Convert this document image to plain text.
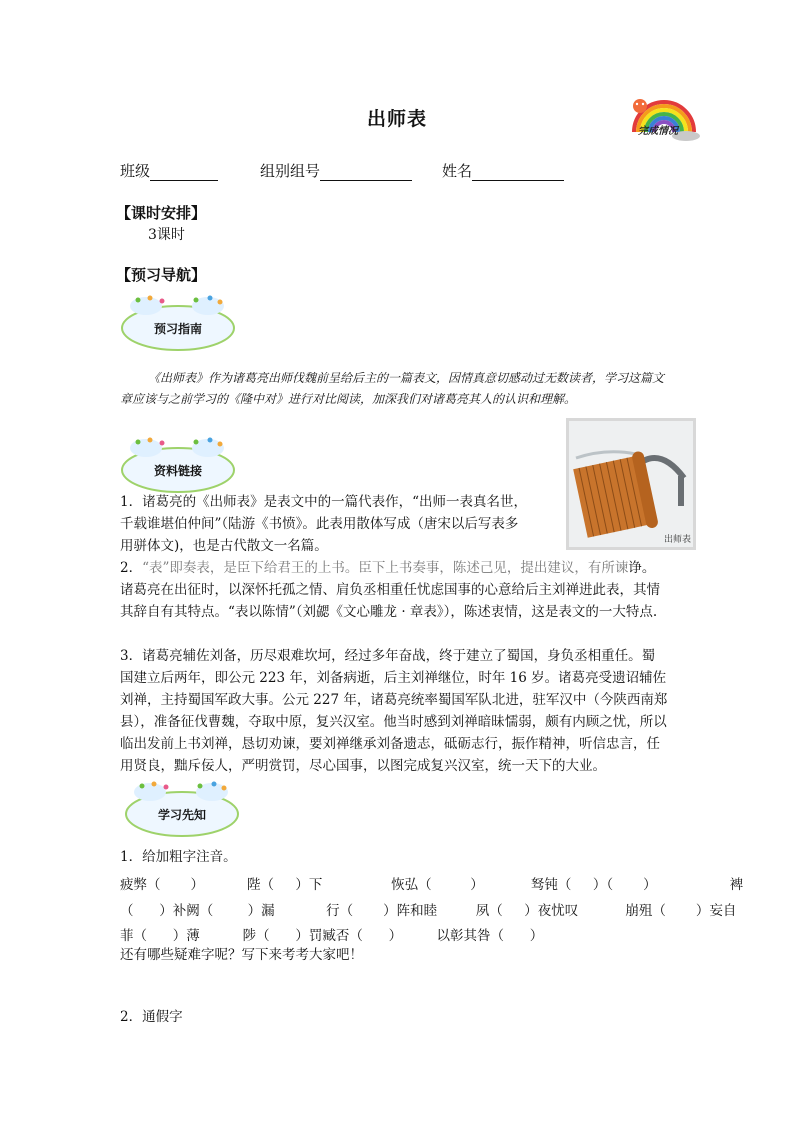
出师表
完成情况
班级	组别组号	姓名
【课时安排】
3课时
【预习导航】
预习指南
《出师表》作为诸葛亮出师伐魏前呈给后主的一篇表文，因情真意切感动过无数读者，学习这篇文章应该与之前学习的《隆中对》进行对比阅读，加深我们对诸葛亮其人的认识和理解。
资料链接
出师表
1．诸葛亮的《出师表》是表文中的一篇代表作，“出师一表真名世，
千载谁堪伯仲间”（陆游《书愤》。此表用散体写成（唐宋以后写表多
用骈体文)，也是古代散文一名篇。
2．“表”即奏表，是臣下给君王的上书。臣下上书奏事，陈述己见，提出建议，有所谏诤。诸葛亮在出征时，以深怀托孤之情、肩负丞相重任忧虑国事的心意给后主刘禅进此表，其情其辞自有其特点。“表以陈情”（刘勰《文心雕龙 · 章表》），陈述衷情，这是表文的一大特点.
3．诸葛亮辅佐刘备，历尽艰难坎坷，经过多年奋战，终于建立了蜀国，身负丞相重任。蜀国建立后两年，即公元 223 年，刘备病逝，后主刘禅继位，时年 16 岁。诸葛亮受遗诏辅佐刘禅，主持蜀国军政大事。公元 227 年，诸葛亮统率蜀国军队北进，驻军汉中（今陕西南郑县），准备征伐曹魏，夺取中原，复兴汉室。他当时感到刘禅暗昧懦弱，颇有内顾之忧，所以临出发前上书刘禅，恳切劝谏，要刘禅继承刘备遗志，砥砺志行，振作精神，听信忠言，任用贤良，黜斥佞人，严明赏罚，尽心国事，以图完成复兴汉室，统一天下的大业。
学习先知
1．给加粗字注音。
疲弊（       ）          陛（     ）下                恢弘（         ）           驽钝（     ）（       ）                 裨
（      ）补阙（        ）漏            行（       ）阵和睦         夙（     ）夜忧叹           崩殂（       ）妄自
菲（      ）薄          陟（      ）罚臧否（      ）        以彰其咎（      ）
还有哪些疑难字呢？写下来考考大家吧！
2．通假字
